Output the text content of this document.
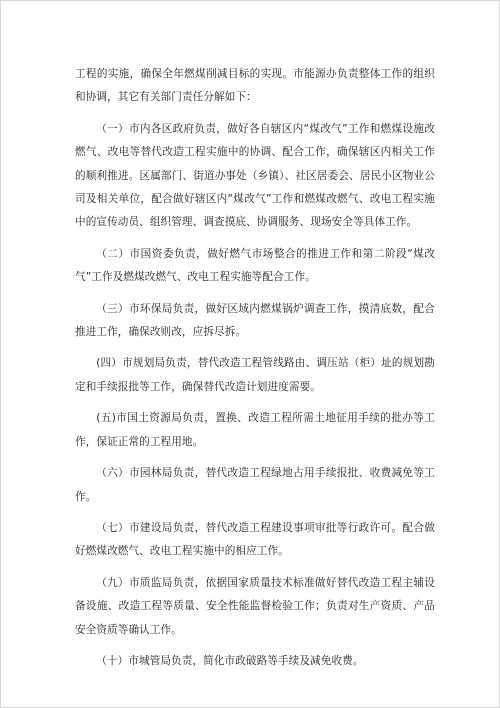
工程的实施，确保全年燃煤削减目标的实现。市能源办负责整体工作的组织和协调，其它有关部门责任分解如下：

（一）市内各区政府负责，做好各自辖区内“煤改气”工作和燃煤设施改燃气、改电等替代改造工程实施中的协调、配合工作，确保辖区内相关工作的顺利推进。区属部门、街道办事处（乡镇）、社区居委会、居民小区物业公司及相关单位，配合做好辖区内“煤改气”工作和燃煤改燃气、改电工程实施中的宣传动员、组织管理、调查摸底、协调服务、现场安全等具体工作。

（二）市国资委负责，做好燃气市场整合的推进工作和第二阶段“煤改气”工作及燃煤改燃气、改电工程实施等配合工作。

（三）市环保局负责，做好区域内燃煤锅炉调查工作，摸清底数，配合推进工作，确保改则改，应拆尽拆。

(四）市规划局负责，替代改造工程管线路由、调压站（柜）址的规划勘定和手续报批等工作，确保替代改造计划进度需要。

(五)市国土资源局负责，置换、改造工程所需土地征用手续的批办等工作，保证正常的工程用地。

（六）市园林局负责，替代改造工程绿地占用手续报批、收费减免等工作。

（七）市建设局负责，替代改造工程建设事项审批等行政许可。配合做好燃煤改燃气、改电工程实施中的相应工作。

（九）市质监局负责，依据国家质量技术标准做好替代改造工程主辅设备设施、改造工程等质量、安全性能监督检验工作；负责对生产资质、产品安全资质等确认工作。

（十）市城管局负责，简化市政破路等手续及减免收费。
